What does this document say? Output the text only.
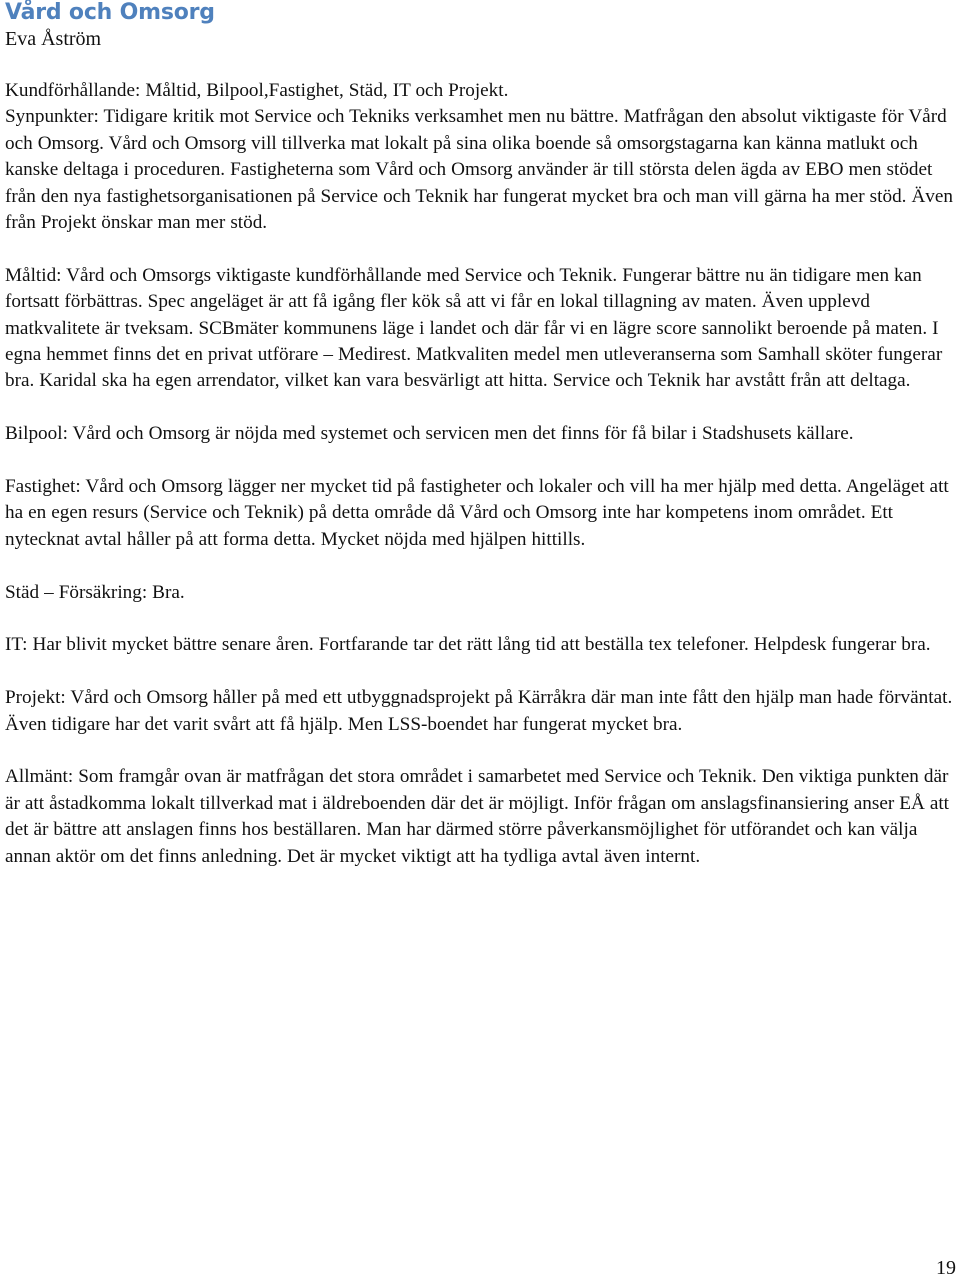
Vård och Omsorg
Eva Åström
Kundförhållande: Måltid, Bilpool,Fastighet, Städ, IT och Projekt.
Synpunkter: Tidigare kritik mot Service och Tekniks verksamhet men nu bättre. Matfrågan den absolut viktigaste för Vård och Omsorg. Vård och Omsorg vill tillverka mat lokalt på sina olika boende så omsorgstagarna kan känna matlukt och kanske deltaga i proceduren. Fastigheterna som Vård och Omsorg använder är till största delen ägda av EBO men stödet från den nya fastighetsorganisationen på Service och Teknik har fungerat mycket bra och man vill gärna ha mer stöd. Även från Projekt önskar man mer stöd.
Måltid: Vård och Omsorgs viktigaste kundförhållande med Service och Teknik. Fungerar bättre nu än tidigare men kan fortsatt förbättras. Spec angeläget är att få igång fler kök så att vi får en lokal tillagning av maten. Även upplevd matkvalitete är tveksam. SCBmäter kommunens läge i landet och där får vi en lägre score sannolikt beroende på maten. I egna hemmet finns det en privat utförare – Medirest. Matkvaliten medel men utleveranserna som Samhall sköter fungerar bra. Karidal ska ha egen arrendator, vilket kan vara besvärligt att hitta. Service och Teknik har avstått från att deltaga.
Bilpool: Vård och Omsorg är nöjda med systemet och servicen men det finns för få bilar i Stadshusets källare.
Fastighet: Vård och Omsorg lägger ner mycket tid på fastigheter och lokaler och vill ha mer hjälp med detta. Angeläget att ha en egen resurs (Service och Teknik) på detta område då Vård och Omsorg inte har kompetens inom området. Ett nytecknat avtal håller på att forma detta. Mycket nöjda med hjälpen hittills.
Städ – Försäkring: Bra.
IT: Har blivit mycket bättre senare åren. Fortfarande tar det rätt lång tid att beställa tex telefoner. Helpdesk fungerar bra.
Projekt: Vård och Omsorg håller på med ett utbyggnadsprojekt på Kärråkra där man inte fått den hjälp man hade förväntat. Även tidigare har det varit svårt att få hjälp. Men LSS-boendet har fungerat mycket bra.
Allmänt: Som framgår ovan är matfrågan det stora området i samarbetet med Service och Teknik. Den viktiga punkten där är att åstadkomma lokalt tillverkad mat i äldreboenden där det är möjligt. Inför frågan om anslagsfinansiering anser EÅ att det är bättre att anslagen finns hos beställaren. Man har därmed större påverkansmöjlighet för utförandet och kan välja annan aktör om det finns anledning. Det är mycket viktigt att ha tydliga avtal även internt.
19
